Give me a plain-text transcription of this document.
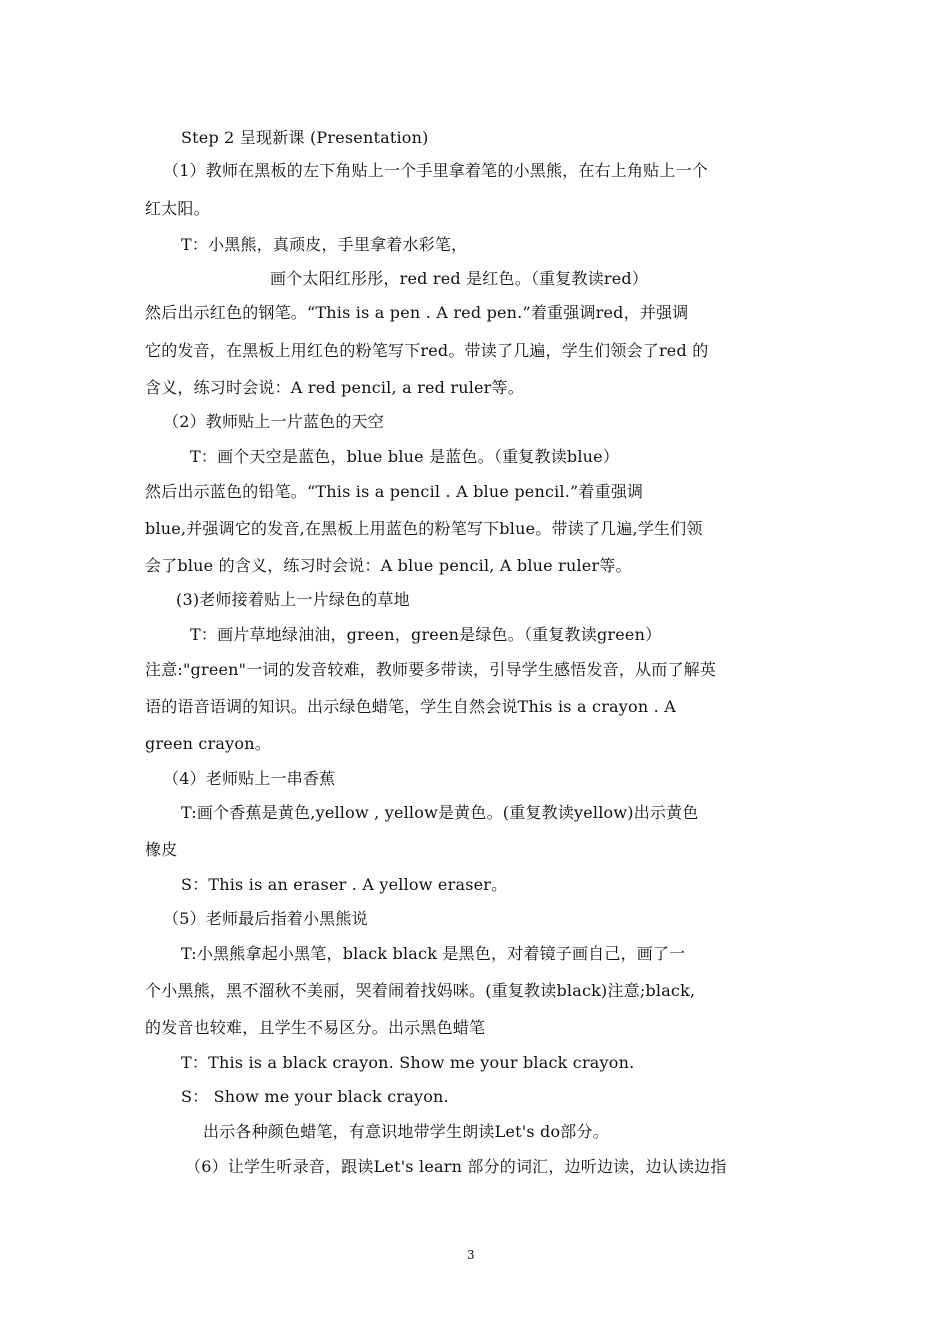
Step 2 呈现新课 (Presentation)
（1）教师在黑板的左下角贴上一个手里拿着笔的小黑熊，在右上角贴上一个
红太阳。
T：小黑熊，真顽皮，手里拿着水彩笔，
画个太阳红彤彤，red red 是红色。（重复教读red）
然后出示红色的钢笔。“This is a pen . A red pen.”着重强调red，并强调
它的发音，在黑板上用红色的粉笔写下red。带读了几遍，学生们领会了red 的
含义，练习时会说：A red pencil, a red ruler等。
（2）教师贴上一片蓝色的天空
T：画个天空是蓝色，blue blue 是蓝色。（重复教读blue）
然后出示蓝色的铅笔。“This is a pencil . A blue pencil.”着重强调
blue,并强调它的发音,在黑板上用蓝色的粉笔写下blue。带读了几遍,学生们领
会了blue 的含义，练习时会说：A blue pencil, A blue ruler等。
(3)老师接着贴上一片绿色的草地
T：画片草地绿油油，green，green是绿色。（重复教读green）
注意:"green"一词的发音较难，教师要多带读，引导学生感悟发音，从而了解英
语的语音语调的知识。出示绿色蜡笔，学生自然会说This is a crayon . A
green crayon。
（4）老师贴上一串香蕉
T:画个香蕉是黄色,yellow , yellow是黄色。(重复教读yellow)出示黄色
橡皮
S：This is an eraser . A yellow eraser。
（5）老师最后指着小黑熊说
T:小黑熊拿起小黑笔，black black 是黑色，对着镜子画自己，画了一
个小黑熊，黑不溜秋不美丽，哭着闹着找妈咪。(重复教读black)注意;black,
的发音也较难，且学生不易区分。出示黑色蜡笔
T：This is a black crayon. Show me your black crayon.
S： Show me your black crayon.
出示各种颜色蜡笔，有意识地带学生朗读Let's do部分。
（6）让学生听录音，跟读Let's learn 部分的词汇，边听边读，边认读边指
3
